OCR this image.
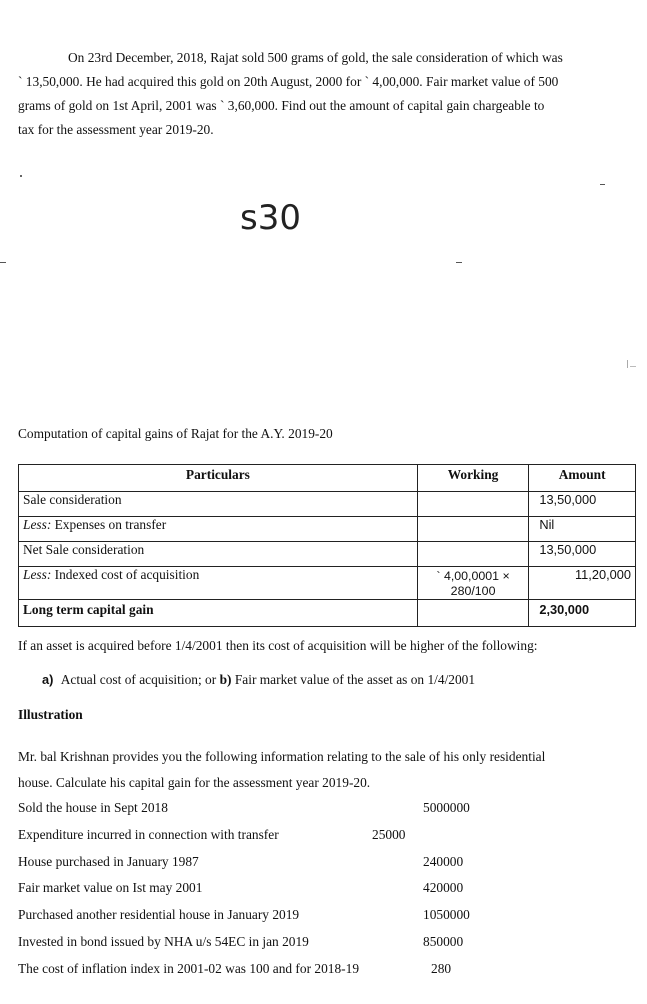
On 23rd December, 2018, Rajat sold 500 grams of gold, the sale consideration of which was
` 13,50,000. He had acquired this gold on 20th August, 2000 for ` 4,00,000. Fair market value of 500
grams of gold on 1st April, 2001 was ` 3,60,000. Find out the amount of capital gain chargeable to
tax for the assessment year 2019-20.
s30
Computation of capital gains of Rajat for the A.Y. 2019-20
Particulars	Working	Amount
Sale consideration		13,50,000
Less: Expenses on transfer		Nil
Net Sale consideration		13,50,000
Less: Indexed cost of acquisition	` 4,00,0001 ×
280/100	11,20,000
Long term capital gain		2,30,000
If an asset is acquired before 1/4/2001 then its cost of acquisition will be higher of the following:
a) Actual cost of acquisition; or b) Fair market value of the asset as on 1/4/2001
Illustration
Mr. bal Krishnan provides you the following information relating to the sale of his only residential
house. Calculate his capital gain for the assessment year 2019-20.
Sold the house in Sept 2018	5000000
Expenditure incurred in connection with transfer	25000
House purchased in January 1987	240000
Fair market value on Ist may 2001	420000
Purchased another residential house in January 2019	1050000
Invested in bond issued by NHA u/s 54EC in jan 2019	850000
The cost of inflation index in 2001-02 was 100 and for 2018-19	280
